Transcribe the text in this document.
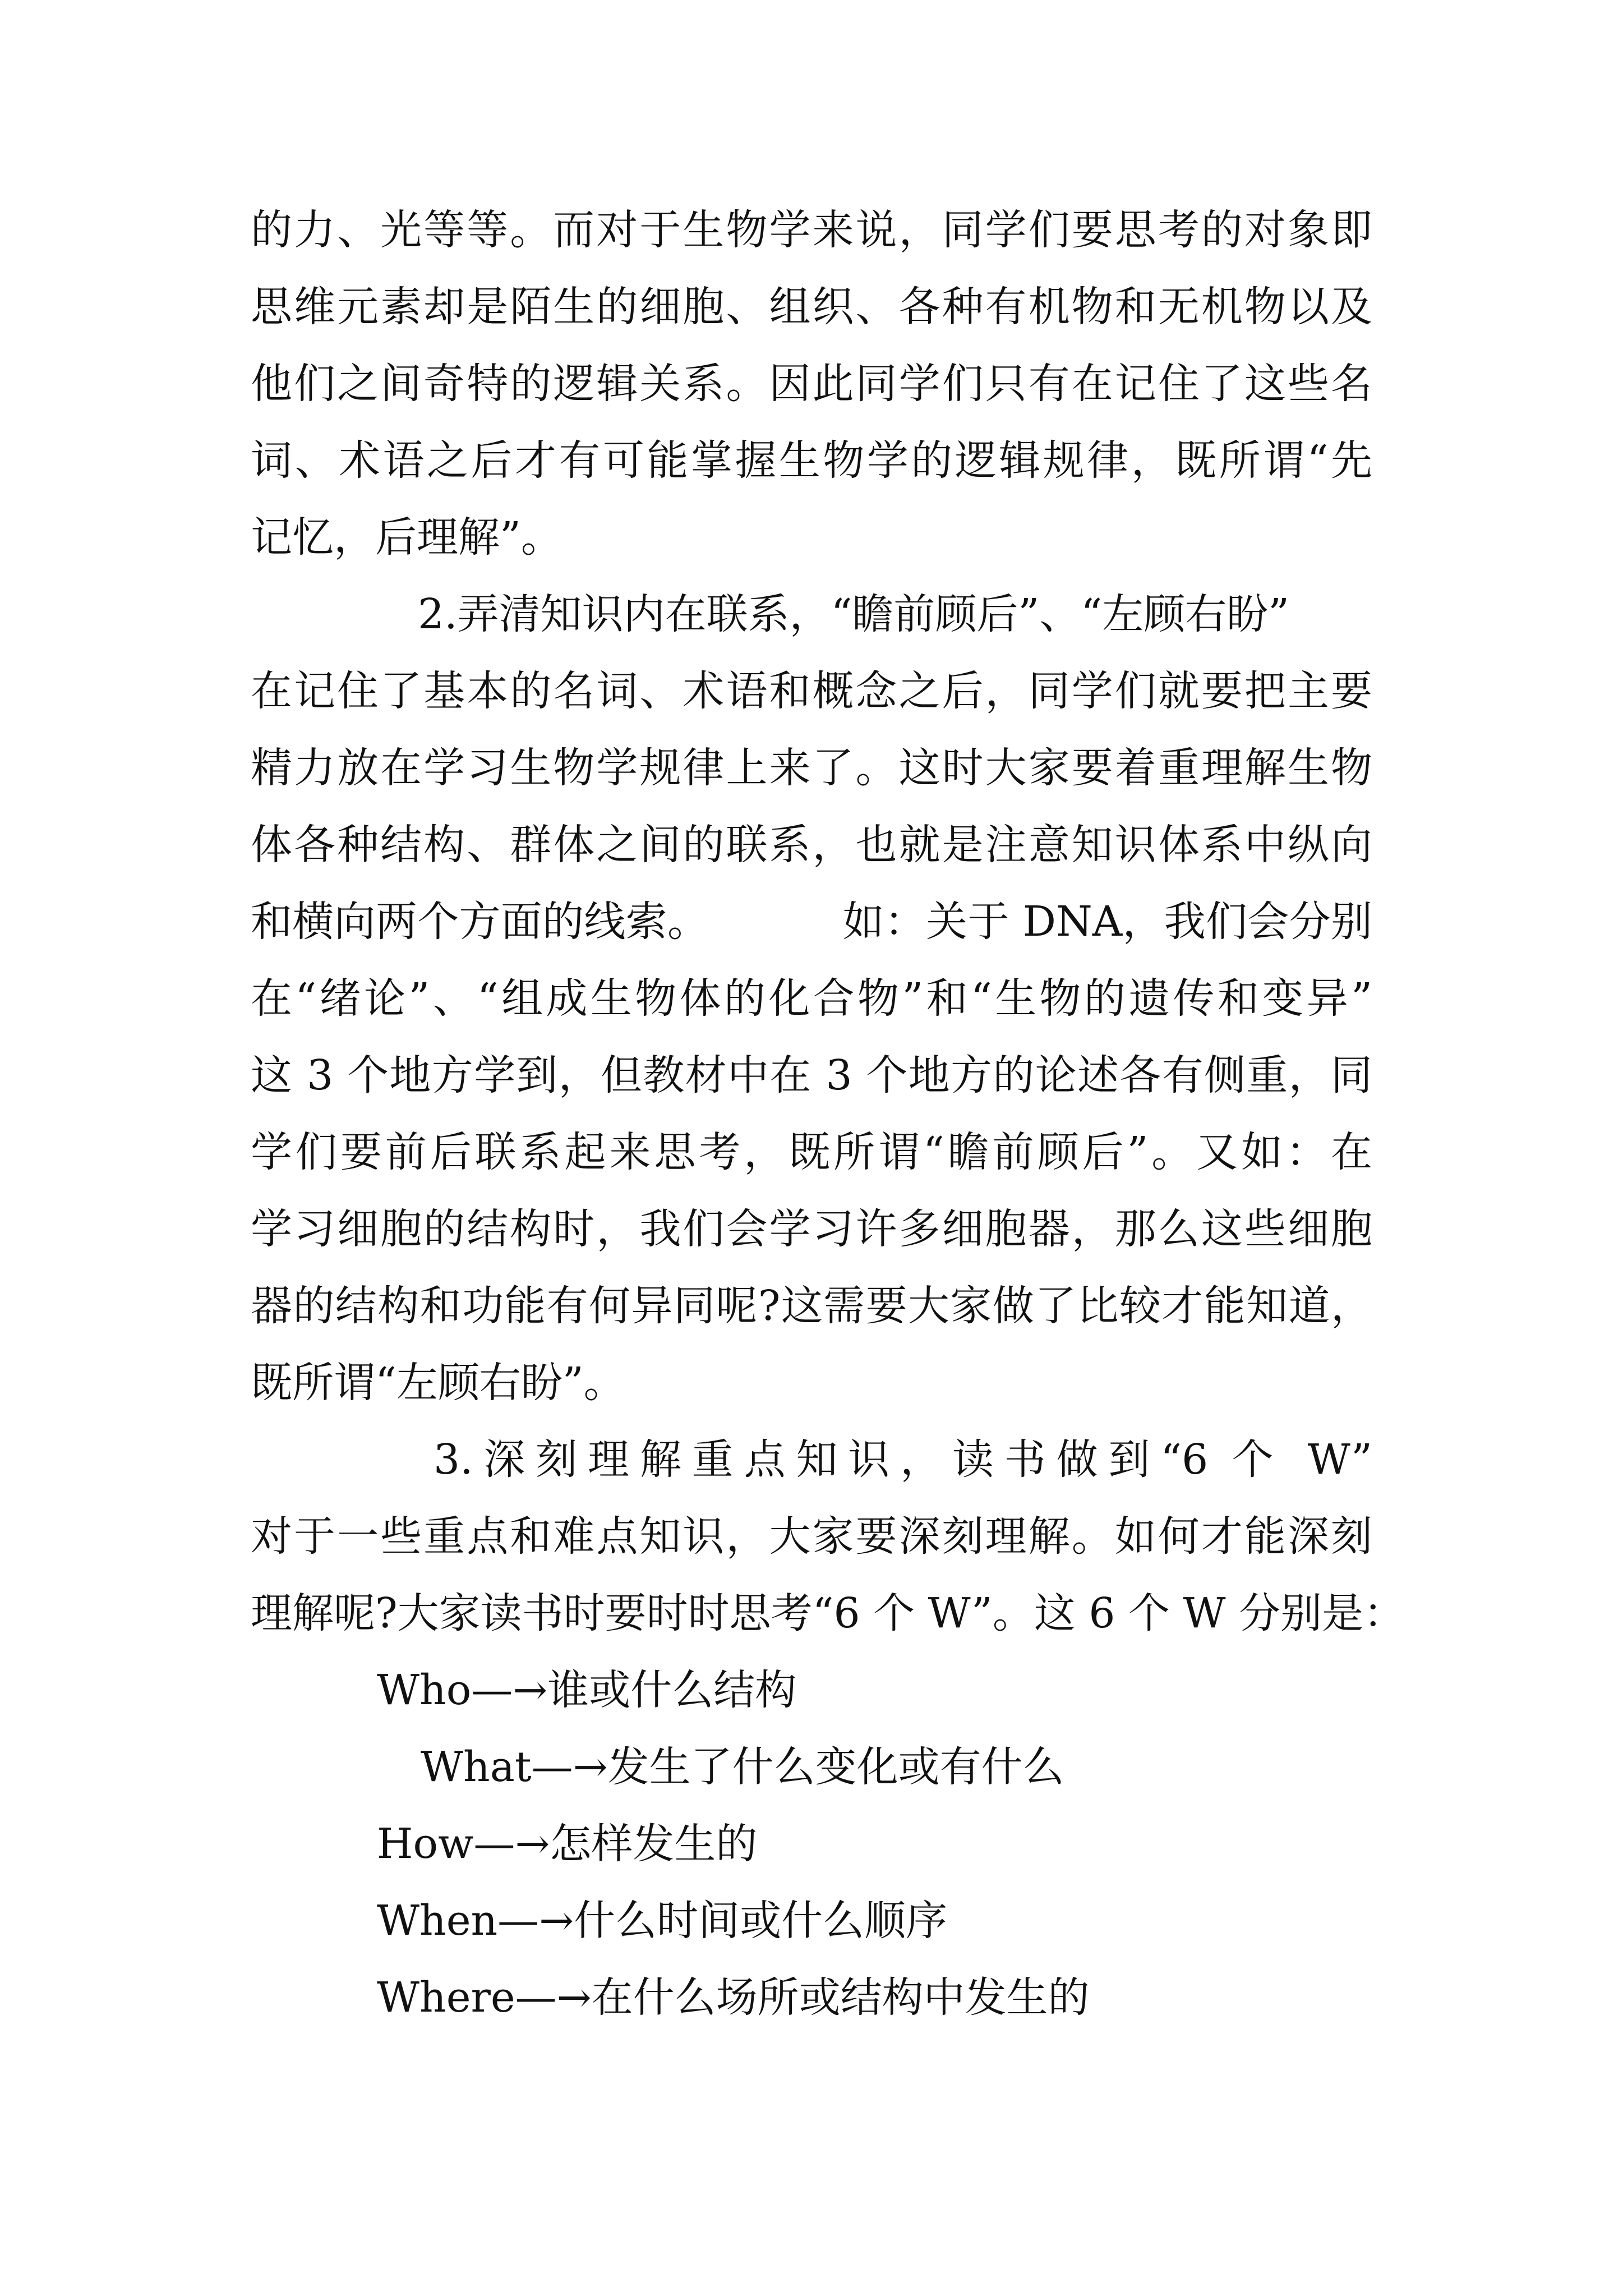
的力、光等等。而对于生物学来说，同学们要思考的对象即
思维元素却是陌生的细胞、组织、各种有机物和无机物以及
他们之间奇特的逻辑关系。因此同学们只有在记住了这些名
词、术语之后才有可能掌握生物学的逻辑规律，既所谓“先
记忆，后理解”。
2.弄清知识内在联系，“瞻前顾后”、“左顾右盼”
在记住了基本的名词、术语和概念之后，同学们就要把主要
精力放在学习生物学规律上来了。这时大家要着重理解生物
体各种结构、群体之间的联系，也就是注意知识体系中纵向
和横向两个方面的线索。          如：关于 DNA，我们会分别
在“绪论”、“组成生物体的化合物”和“生物的遗传和变异”
这 3 个地方学到，但教材中在 3 个地方的论述各有侧重，同
学们要前后联系起来思考，既所谓“瞻前顾后”。又如：在
学习细胞的结构时，我们会学习许多细胞器，那么这些细胞
器的结构和功能有何异同呢?这需要大家做了比较才能知道，
既所谓“左顾右盼”。
3.深刻理解重点知识，读书做到“6 个 W”
对于一些重点和难点知识，大家要深刻理解。如何才能深刻
理解呢?大家读书时要时时思考“6 个 W”。这 6 个 W 分别是：
Who—→谁或什么结构
What—→发生了什么变化或有什么
How—→怎样发生的
When—→什么时间或什么顺序
Where—→在什么场所或结构中发生的
